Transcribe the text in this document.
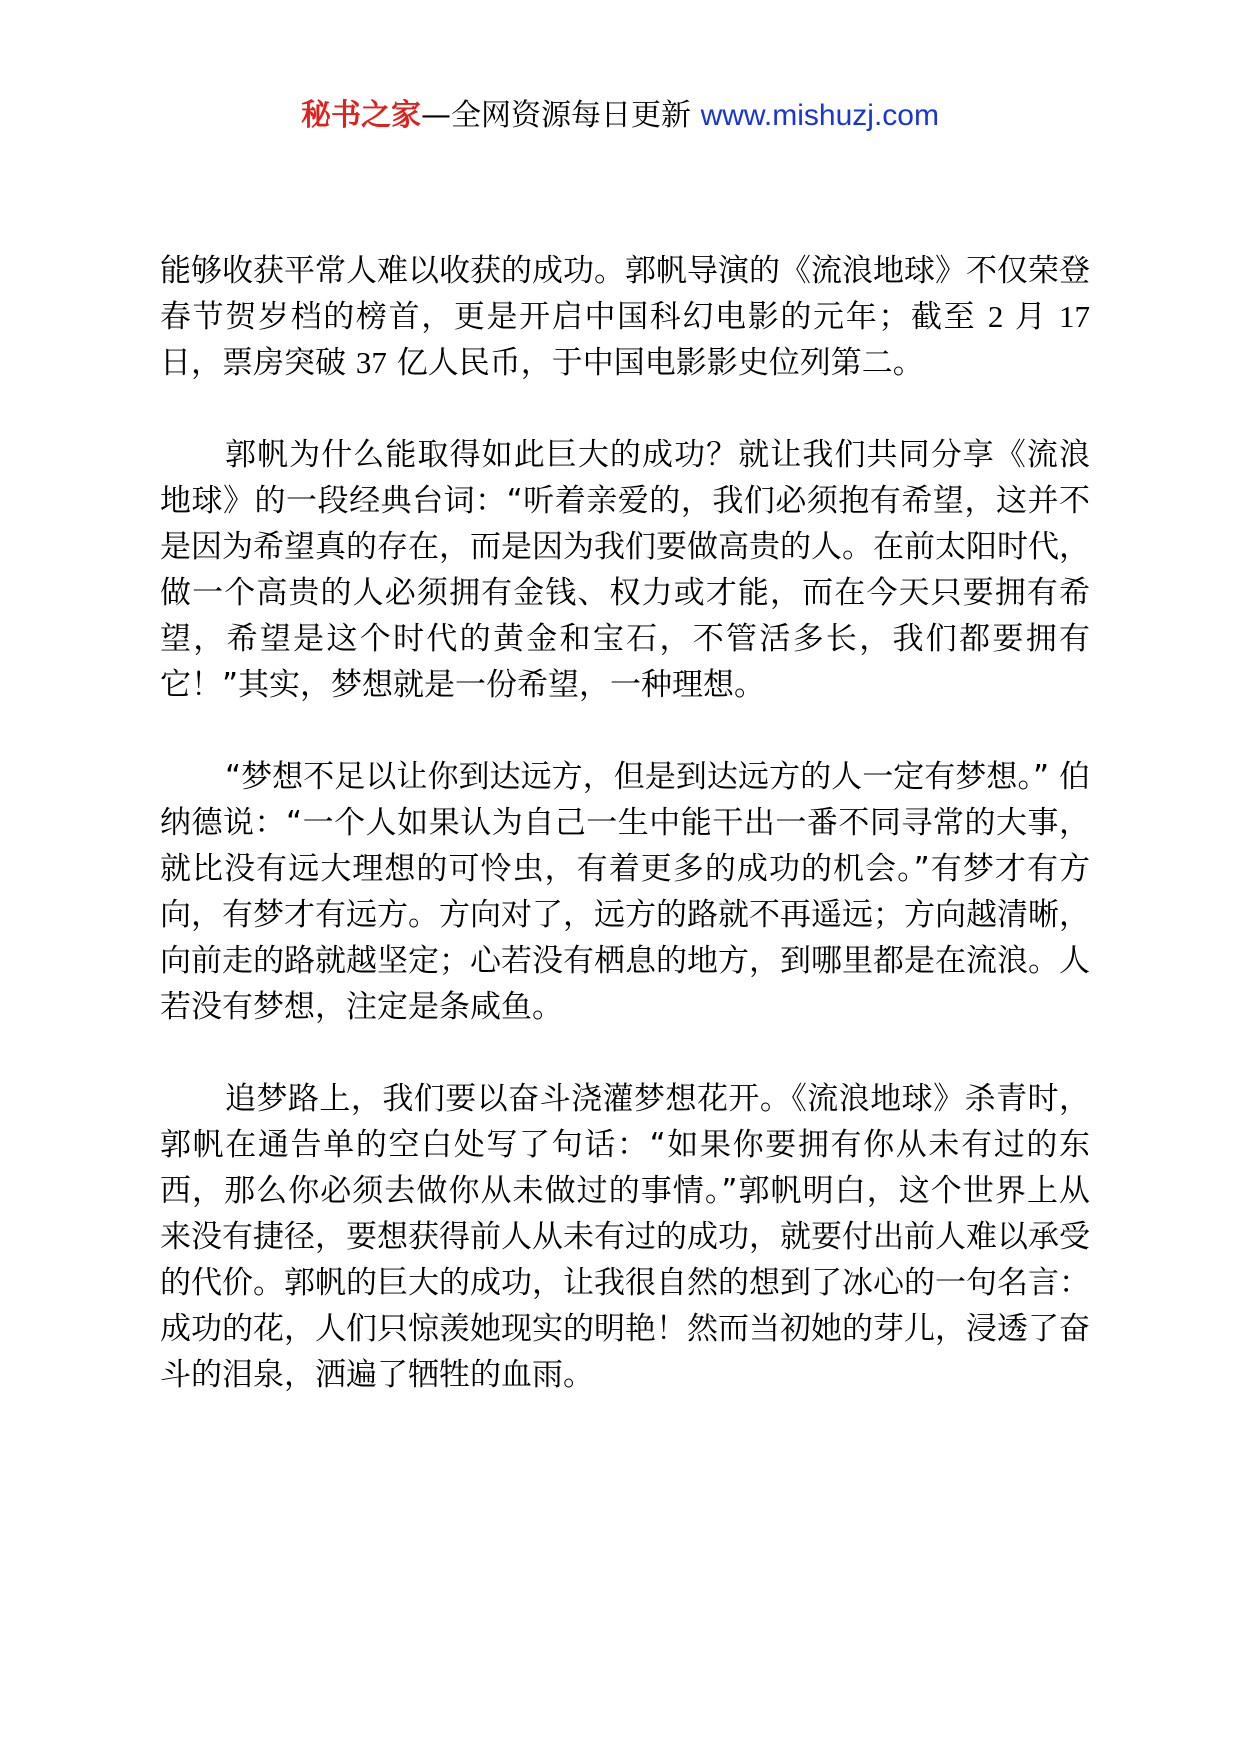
秘书之家—全网资源每日更新 www.mishuzj.com

能够收获平常人难以收获的成功。郭帆导演的《流浪地球》不仅荣登春节贺岁档的榜首，更是开启中国科幻电影的元年；截至 2 月 17 日，票房突破 37 亿人民币，于中国电影影史位列第二。

郭帆为什么能取得如此巨大的成功？就让我们共同分享《流浪地球》的一段经典台词：“听着亲爱的，我们必须抱有希望，这并不是因为希望真的存在，而是因为我们要做高贵的人。在前太阳时代，做一个高贵的人必须拥有金钱、权力或才能，而在今天只要拥有希望，希望是这个时代的黄金和宝石，不管活多长，我们都要拥有它！”其实，梦想就是一份希望，一种理想。

“梦想不足以让你到达远方，但是到达远方的人一定有梦想。” 伯纳德说：“一个人如果认为自己一生中能干出一番不同寻常的大事，就比没有远大理想的可怜虫，有着更多的成功的机会。”有梦才有方向，有梦才有远方。方向对了，远方的路就不再遥远；方向越清晰，向前走的路就越坚定；心若没有栖息的地方，到哪里都是在流浪。人若没有梦想，注定是条咸鱼。

追梦路上，我们要以奋斗浇灌梦想花开。《流浪地球》杀青时，郭帆在通告单的空白处写了句话：“如果你要拥有你从未有过的东西，那么你必须去做你从未做过的事情。”郭帆明白，这个世界上从来没有捷径，要想获得前人从未有过的成功，就要付出前人难以承受的代价。郭帆的巨大的成功，让我很自然的想到了冰心的一句名言：成功的花，人们只惊羡她现实的明艳！然而当初她的芽儿，浸透了奋斗的泪泉，洒遍了牺牲的血雨。
